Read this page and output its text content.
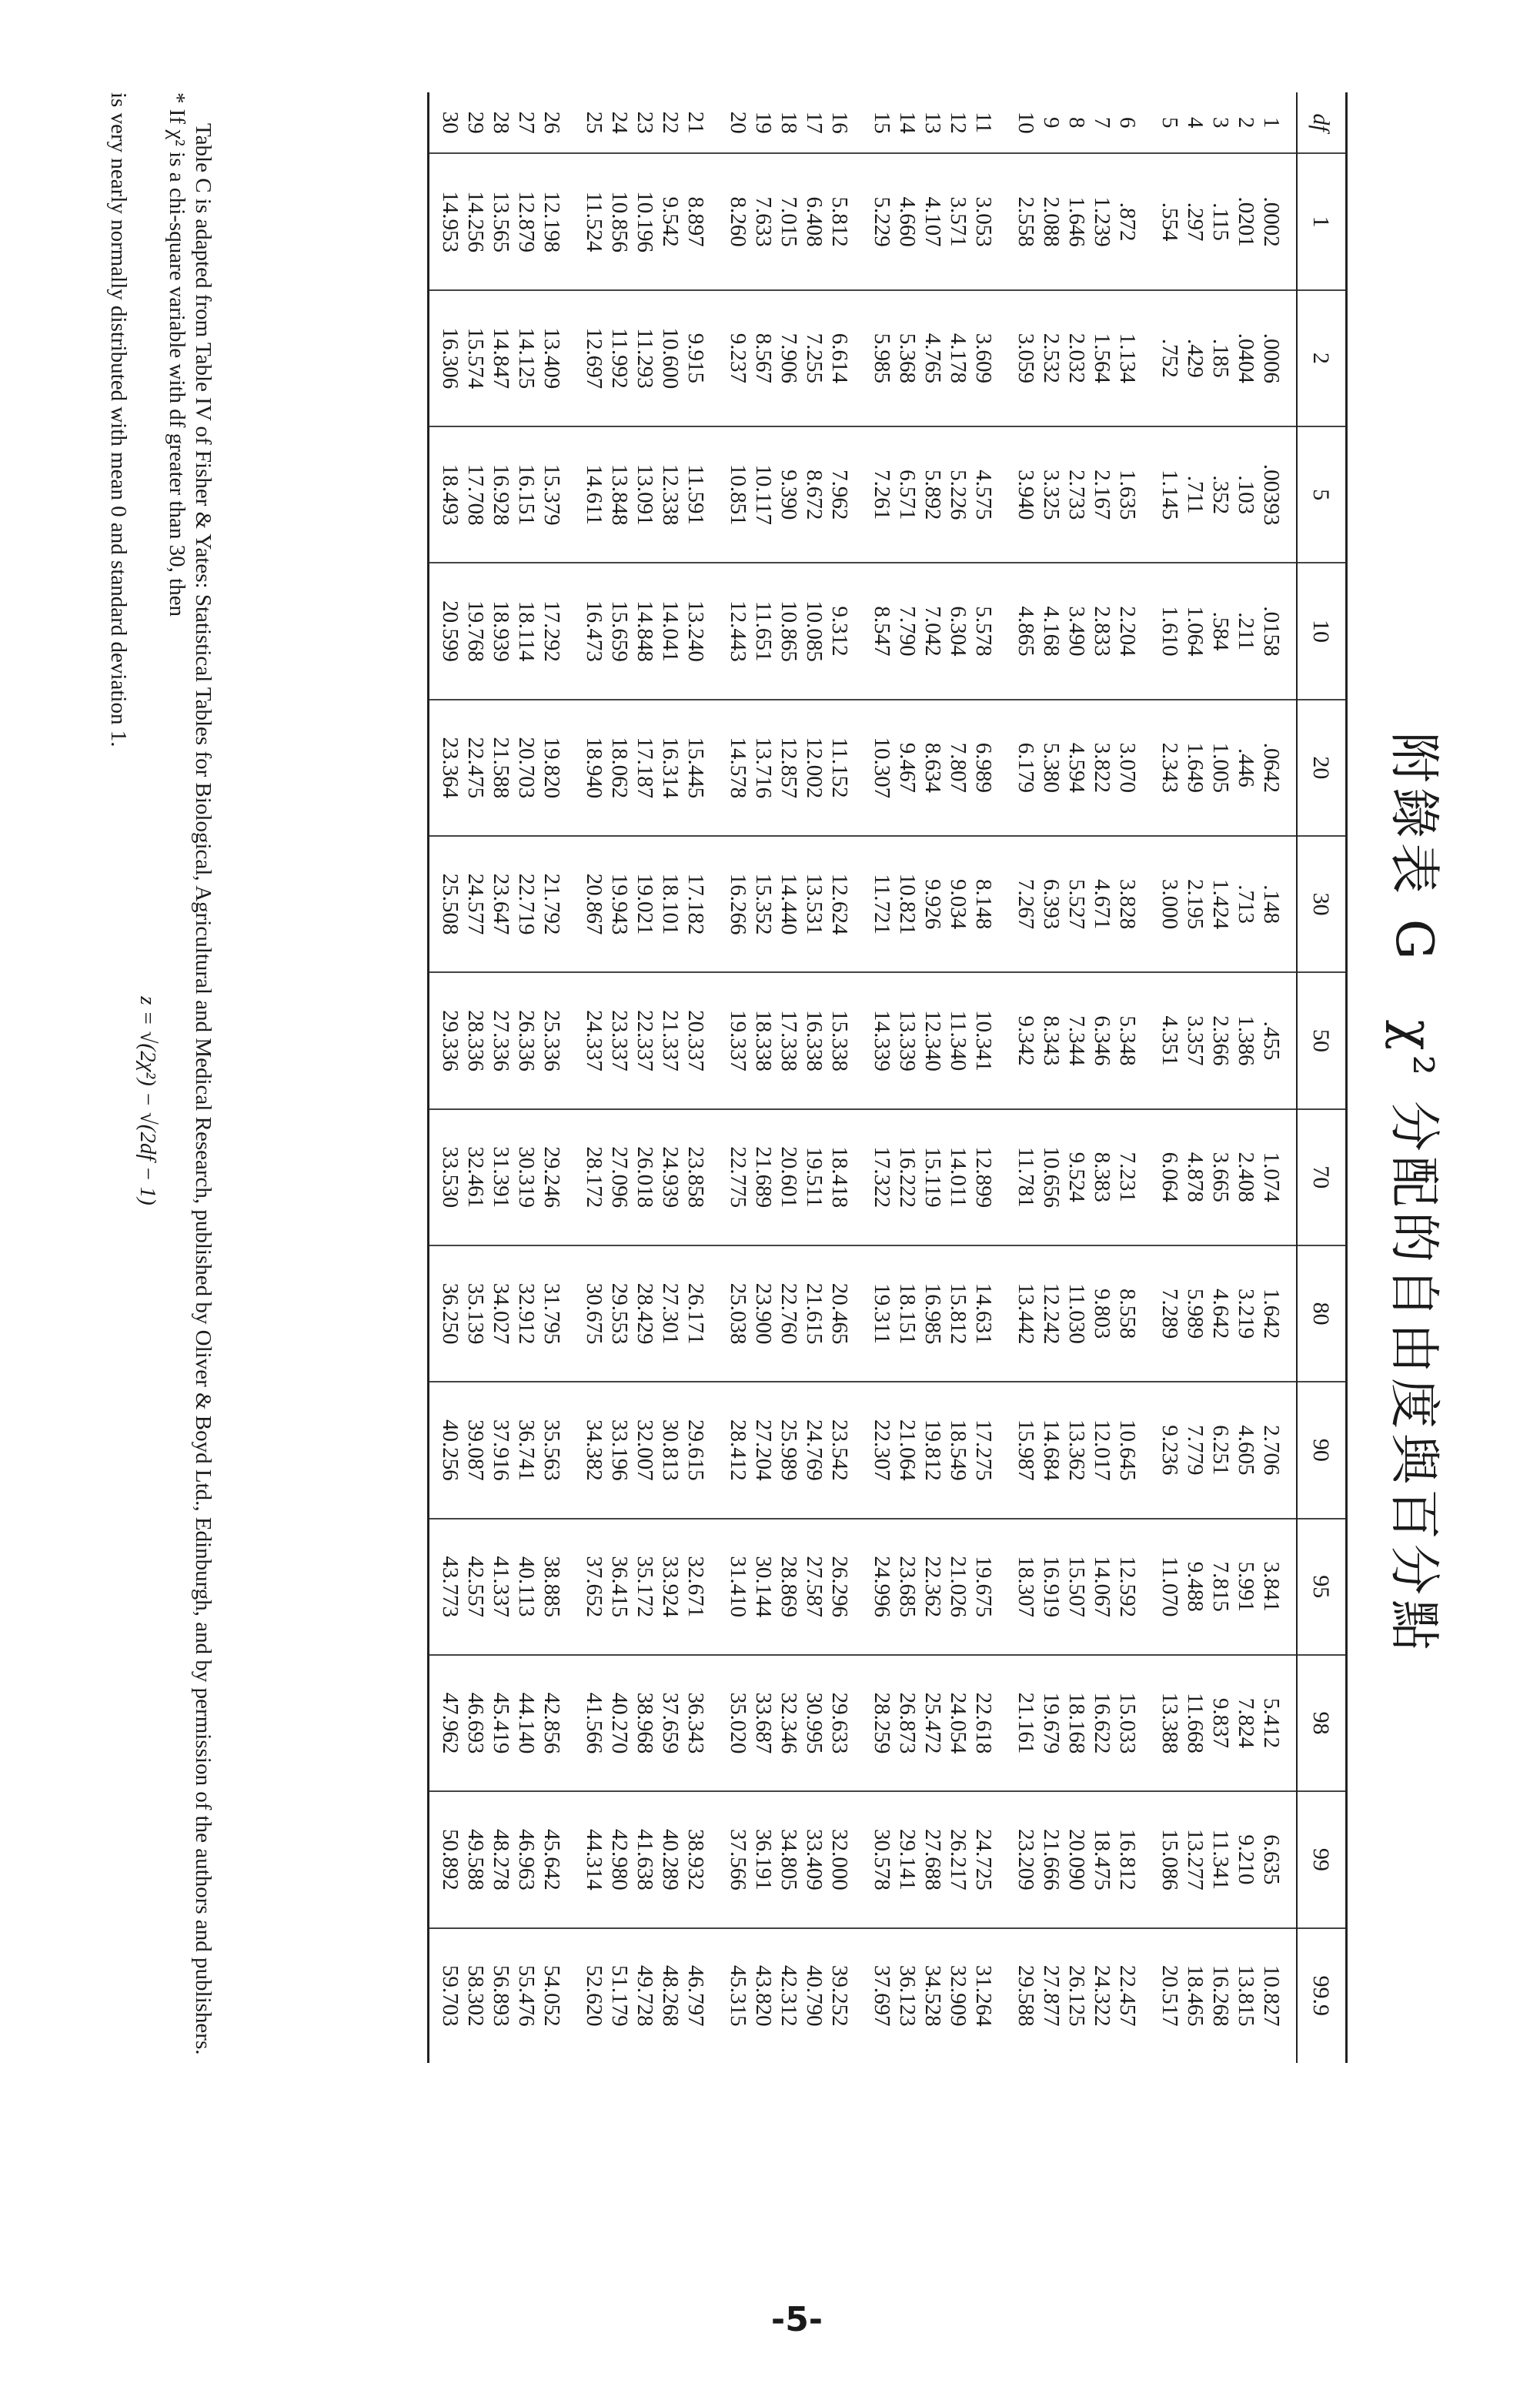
附錄表 G　χ² 分配的自由度與百分點
df	1	2	5	10	20	30	50	70	80	90	95	98	99	99.9
1	.0002	.0006	.00393	.0158	.0642	.148	.455	1.074	1.642	2.706	3.841	5.412	6.635	10.827
2	.0201	.0404	.103	.211	.446	.713	1.386	2.408	3.219	4.605	5.991	7.824	9.210	13.815
3	.115	.185	.352	.584	1.005	1.424	2.366	3.665	4.642	6.251	7.815	9.837	11.341	16.268
4	.297	.429	.711	1.064	1.649	2.195	3.357	4.878	5.989	7.779	9.488	11.668	13.277	18.465
5	.554	.752	1.145	1.610	2.343	3.000	4.351	6.064	7.289	9.236	11.070	13.388	15.086	20.517
6	.872	1.134	1.635	2.204	3.070	3.828	5.348	7.231	8.558	10.645	12.592	15.033	16.812	22.457
7	1.239	1.564	2.167	2.833	3.822	4.671	6.346	8.383	9.803	12.017	14.067	16.622	18.475	24.322
8	1.646	2.032	2.733	3.490	4.594	5.527	7.344	9.524	11.030	13.362	15.507	18.168	20.090	26.125
9	2.088	2.532	3.325	4.168	5.380	6.393	8.343	10.656	12.242	14.684	16.919	19.679	21.666	27.877
10	2.558	3.059	3.940	4.865	6.179	7.267	9.342	11.781	13.442	15.987	18.307	21.161	23.209	29.588
11	3.053	3.609	4.575	5.578	6.989	8.148	10.341	12.899	14.631	17.275	19.675	22.618	24.725	31.264
12	3.571	4.178	5.226	6.304	7.807	9.034	11.340	14.011	15.812	18.549	21.026	24.054	26.217	32.909
13	4.107	4.765	5.892	7.042	8.634	9.926	12.340	15.119	16.985	19.812	22.362	25.472	27.688	34.528
14	4.660	5.368	6.571	7.790	9.467	10.821	13.339	16.222	18.151	21.064	23.685	26.873	29.141	36.123
15	5.229	5.985	7.261	8.547	10.307	11.721	14.339	17.322	19.311	22.307	24.996	28.259	30.578	37.697
16	5.812	6.614	7.962	9.312	11.152	12.624	15.338	18.418	20.465	23.542	26.296	29.633	32.000	39.252
17	6.408	7.255	8.672	10.085	12.002	13.531	16.338	19.511	21.615	24.769	27.587	30.995	33.409	40.790
18	7.015	7.906	9.390	10.865	12.857	14.440	17.338	20.601	22.760	25.989	28.869	32.346	34.805	42.312
19	7.633	8.567	10.117	11.651	13.716	15.352	18.338	21.689	23.900	27.204	30.144	33.687	36.191	43.820
20	8.260	9.237	10.851	12.443	14.578	16.266	19.337	22.775	25.038	28.412	31.410	35.020	37.566	45.315
21	8.897	9.915	11.591	13.240	15.445	17.182	20.337	23.858	26.171	29.615	32.671	36.343	38.932	46.797
22	9.542	10.600	12.338	14.041	16.314	18.101	21.337	24.939	27.301	30.813	33.924	37.659	40.289	48.268
23	10.196	11.293	13.091	14.848	17.187	19.021	22.337	26.018	28.429	32.007	35.172	38.968	41.638	49.728
24	10.856	11.992	13.848	15.659	18.062	19.943	23.337	27.096	29.553	33.196	36.415	40.270	42.980	51.179
25	11.524	12.697	14.611	16.473	18.940	20.867	24.337	28.172	30.675	34.382	37.652	41.566	44.314	52.620
26	12.198	13.409	15.379	17.292	19.820	21.792	25.336	29.246	31.795	35.563	38.885	42.856	45.642	54.052
27	12.879	14.125	16.151	18.114	20.703	22.719	26.336	30.319	32.912	36.741	40.113	44.140	46.963	55.476
28	13.565	14.847	16.928	18.939	21.588	23.647	27.336	31.391	34.027	37.916	41.337	45.419	48.278	56.893
29	14.256	15.574	17.708	19.768	22.475	24.577	28.336	32.461	35.139	39.087	42.557	46.693	49.588	58.302
30	14.953	16.306	18.493	20.599	23.364	25.508	29.336	33.530	36.250	40.256	43.773	47.962	50.892	59.703

Table C is adapted from Table IV of Fisher & Yates: Statistical Tables for Biological, Agricultural and Medical Research, published by Oliver & Boyd Ltd., Edinburgh, and by permission of the authors and publishers.

* If χ² is a chi-square variable with df greater than 30, then

z = √(2χ²) − √(2df − 1)

is very nearly normally distributed with mean 0 and standard deviation 1.

-5-
